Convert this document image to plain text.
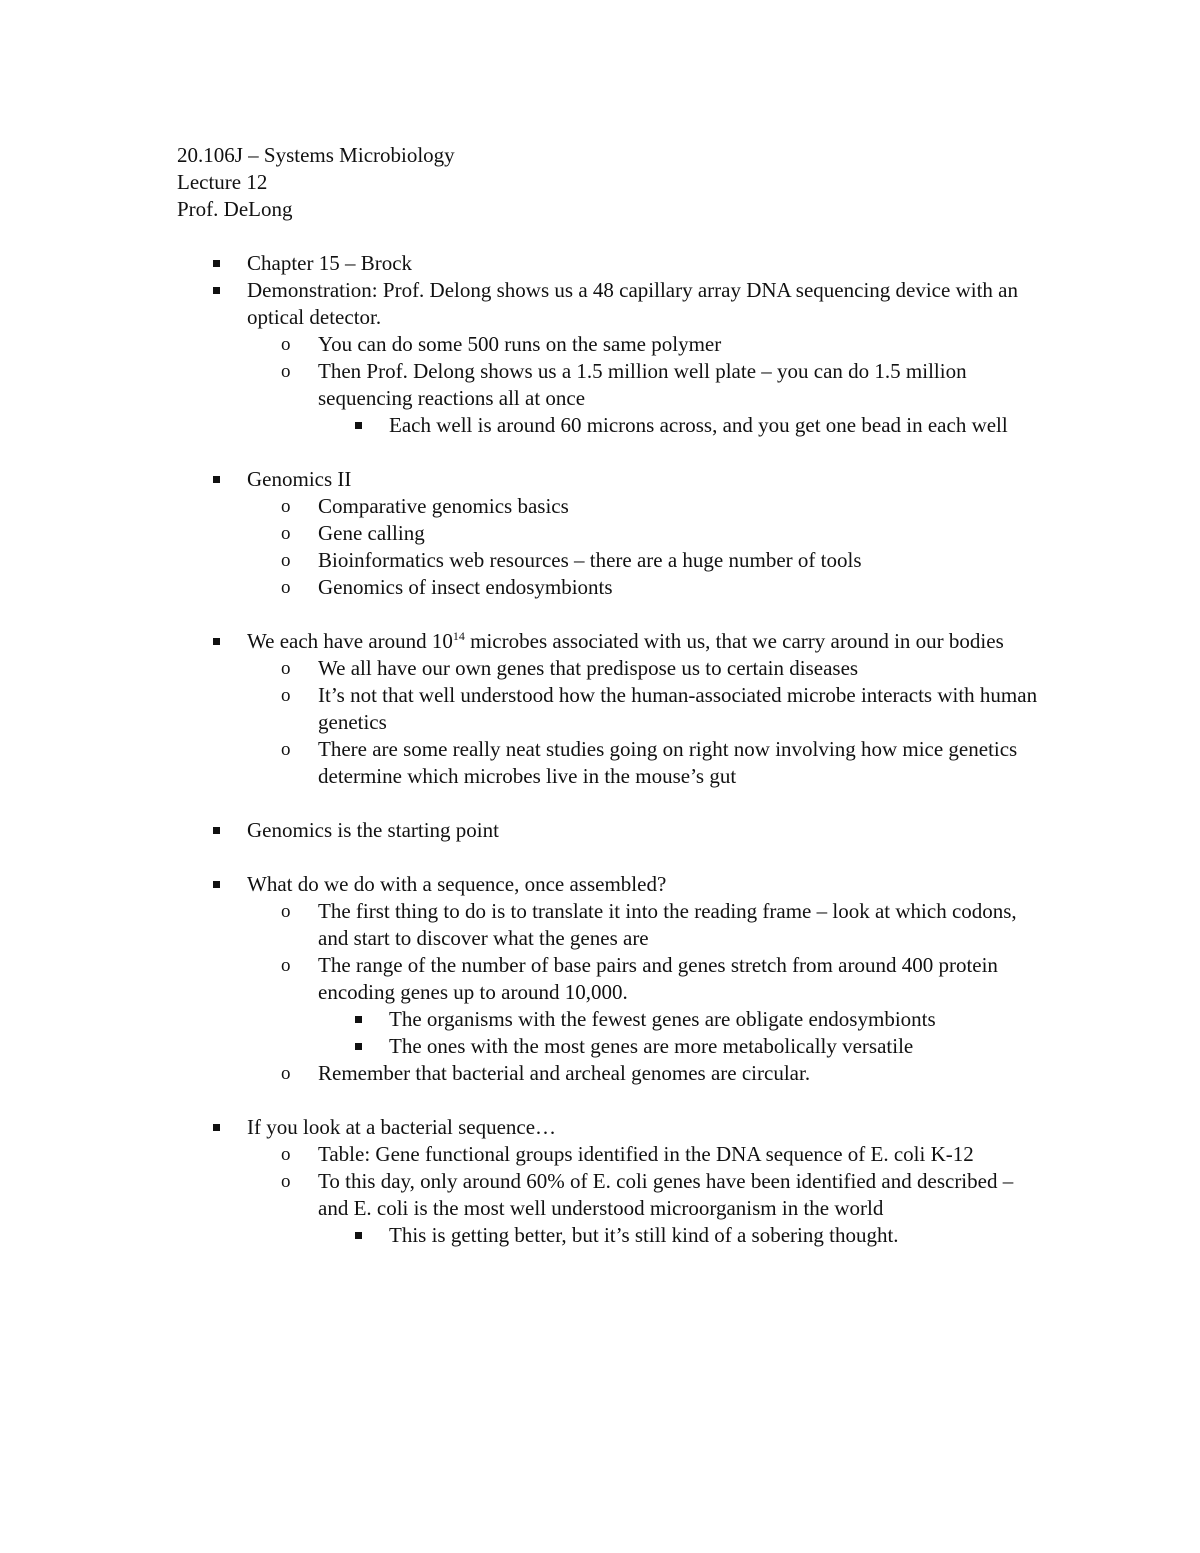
20.106J – Systems Microbiology
Lecture 12
Prof. DeLong
Chapter 15 – Brock
Demonstration: Prof. Delong shows us a 48 capillary array DNA sequencing device with an optical detector.
o You can do some 500 runs on the same polymer
o Then Prof. Delong shows us a 1.5 million well plate – you can do 1.5 million sequencing reactions all at once
Each well is around 60 microns across, and you get one bead in each well
Genomics II
o Comparative genomics basics
o Gene calling
o Bioinformatics web resources – there are a huge number of tools
o Genomics of insect endosymbionts
We each have around $10^{14}$ microbes associated with us, that we carry around in our bodies
o We all have our own genes that predispose us to certain diseases
o It’s not that well understood how the human-associated microbe interacts with human genetics
o There are some really neat studies going on right now involving how mice genetics determine which microbes live in the mouse’s gut
Genomics is the starting point
What do we do with a sequence, once assembled?
o The first thing to do is to translate it into the reading frame – look at which codons, and start to discover what the genes are
o The range of the number of base pairs and genes stretch from around 400 protein encoding genes up to around 10,000.
The organisms with the fewest genes are obligate endosymbionts
The ones with the most genes are more metabolically versatile
o Remember that bacterial and archeal genomes are circular.
If you look at a bacterial sequence…
o Table: Gene functional groups identified in the DNA sequence of E. coli K-12
o To this day, only around 60% of E. coli genes have been identified and described – and E. coli is the most well understood microorganism in the world
This is getting better, but it’s still kind of a sobering thought.
